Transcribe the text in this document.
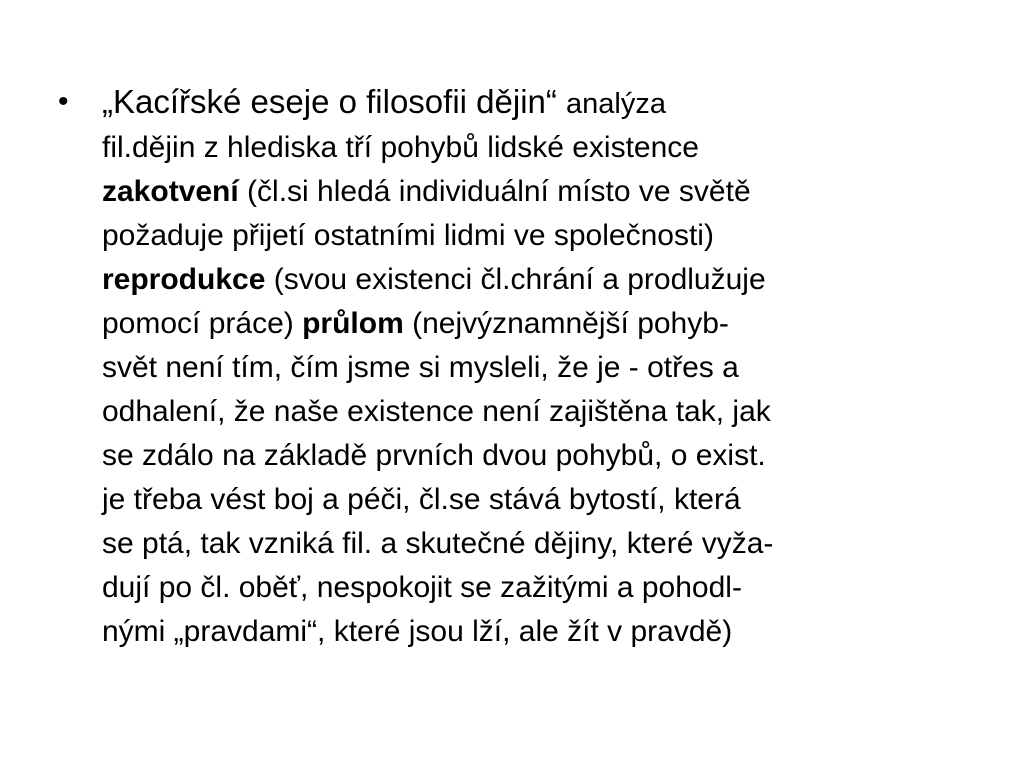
• „Kacířské eseje o filosofii dějin“ analýza
fil.dějin z hlediska tří pohybů lidské existence
zakotvení (čl.si hledá individuální místo ve světě
požaduje přijetí ostatními lidmi ve společnosti)
reprodukce (svou existenci čl.chrání a prodlužuje
pomocí práce) průlom (nejvýznamnější pohyb-
svět není tím, čím jsme si mysleli, že je - otřes a
odhalení, že naše existence není zajištěna tak, jak
se zdálo na základě prvních dvou pohybů, o exist.
je třeba vést boj a péči, čl.se stává bytostí, která
se ptá, tak vzniká fil. a skutečné dějiny, které vyža-
dují po čl. oběť, nespokojit se zažitými a pohodl-
nými „pravdami“, které jsou lží, ale žít v pravdě)
